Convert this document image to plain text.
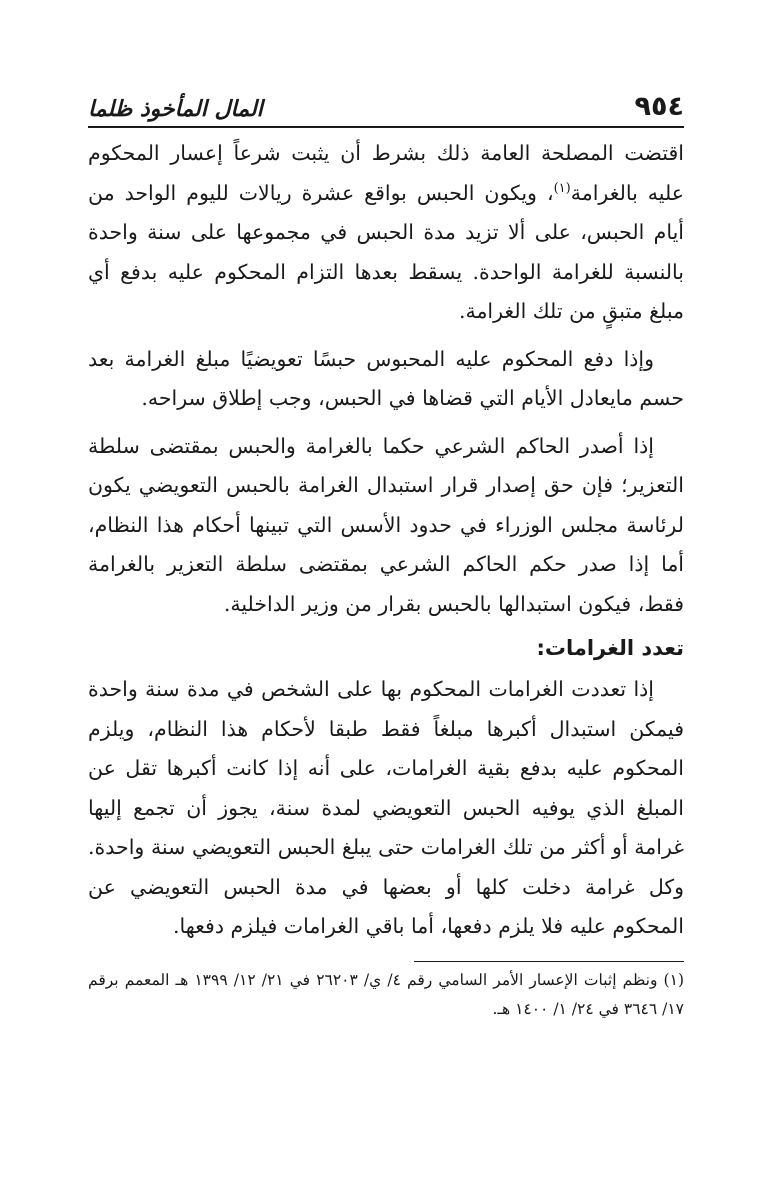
٩٥٤
المال المأخوذ ظلما

اقتضت المصلحة العامة ذلك بشرط أن يثبت شرعاً إعسار المحكوم عليه بالغرامة$^{(١)}$، ويكون الحبس بواقع عشرة ريالات لليوم الواحد من أيام الحبس، على ألا تزيد مدة الحبس في مجموعها على سنة واحدة بالنسبة للغرامة الواحدة. يسقط بعدها التزام المحكوم عليه بدفع أي مبلغ متبقٍ من تلك الغرامة.

وإذا دفع المحكوم عليه المحبوس حبسًا تعويضيًا مبلغ الغرامة بعد حسم مايعادل الأيام التي قضاها في الحبس، وجب إطلاق سراحه.

إذا أصدر الحاكم الشرعي حكما بالغرامة والحبس بمقتضى سلطة التعزير؛ فإن حق إصدار قرار استبدال الغرامة بالحبس التعويضي يكون لرئاسة مجلس الوزراء في حدود الأسس التي تبينها أحكام هذا النظام، أما إذا صدر حكم الحاكم الشرعي بمقتضى سلطة التعزير بالغرامة فقط، فيكون استبدالها بالحبس بقرار من وزير الداخلية.

تعدد الغرامات:

إذا تعددت الغرامات المحكوم بها على الشخص في مدة سنة واحدة فيمكن استبدال أكبرها مبلغاً فقط طبقا لأحكام هذا النظام، ويلزم المحكوم عليه بدفع بقية الغرامات، على أنه إذا كانت أكبرها تقل عن المبلغ الذي يوفيه الحبس التعويضي لمدة سنة، يجوز أن تجمع إليها غرامة أو أكثر من تلك الغرامات حتى يبلغ الحبس التعويضي سنة واحدة. وكل غرامة دخلت كلها أو بعضها في مدة الحبس التعويضي عن المحكوم عليه فلا يلزم دفعها، أما باقي الغرامات فيلزم دفعها.

(١) ونظم إثبات الإعسار الأمر السامي رقم ٤/ ي/ ٢٦٢٠٣ في ٢١/ ١٢/ ١٣٩٩ هـ المعمم برقم ١٧/ ٣٦٤٦ في ٢٤/ ١/ ١٤٠٠ هـ.
